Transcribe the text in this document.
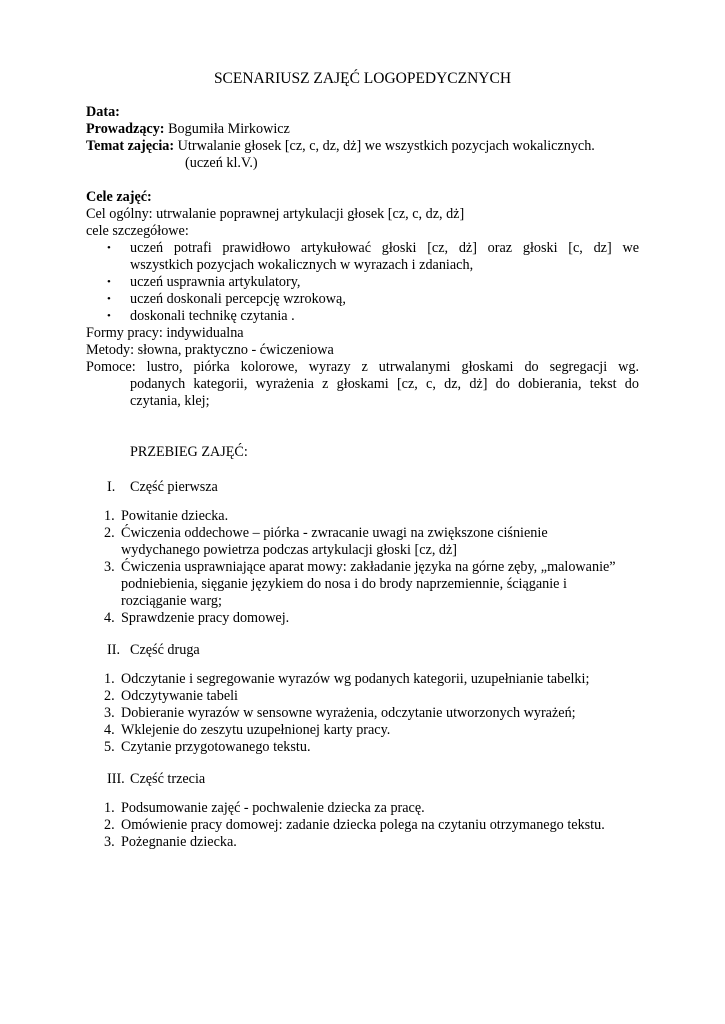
SCENARIUSZ ZAJĘĆ LOGOPEDYCZNYCH
Data:
Prowadzący: Bogumiła Mirkowicz
Temat zajęcia: Utrwalanie głosek [cz, c, dz, dż] we wszystkich pozycjach wokalicznych.
(uczeń kl.V.)
Cele zajęć:
Cel ogólny: utrwalanie poprawnej artykulacji głosek [cz, c, dz, dż]
cele szczegółowe:
• uczeń potrafi prawidłowo artykułować głoski [cz, dż] oraz głoski [c, dz] we
wszystkich pozycjach wokalicznych w wyrazach i zdaniach,
• uczeń usprawnia artykulatory,
• uczeń doskonali percepcję wzrokową,
• doskonali technikę czytania .
Formy pracy: indywidualna
Metody: słowna, praktyczno - ćwiczeniowa
Pomoce: lustro, piórka kolorowe, wyrazy z utrwalanymi głoskami do segregacji wg.
podanych kategorii, wyrażenia z głoskami [cz, c, dz, dż] do dobierania, tekst do
czytania, klej;
PRZEBIEG ZAJĘĆ:
I. Część pierwsza
1. Powitanie dziecka.
2. Ćwiczenia oddechowe – piórka - zwracanie uwagi na zwiększone ciśnienie
wydychanego powietrza podczas artykulacji głoski [cz, dż]
3. Ćwiczenia usprawniające aparat mowy: zakładanie języka na górne zęby, „malowanie”
podniebienia, sięganie językiem do nosa i do brody naprzemiennie, ściąganie i
rozciąganie warg;
4. Sprawdzenie pracy domowej.
II. Część druga
1. Odczytanie i segregowanie wyrazów wg podanych kategorii, uzupełnianie tabelki;
2. Odczytywanie tabeli
3. Dobieranie wyrazów w sensowne wyrażenia, odczytanie utworzonych wyrażeń;
4. Wklejenie do zeszytu uzupełnionej karty pracy.
5. Czytanie przygotowanego tekstu.
III. Część trzecia
1. Podsumowanie zajęć - pochwalenie dziecka za pracę.
2. Omówienie pracy domowej: zadanie dziecka polega na czytaniu otrzymanego tekstu.
3. Pożegnanie dziecka.
